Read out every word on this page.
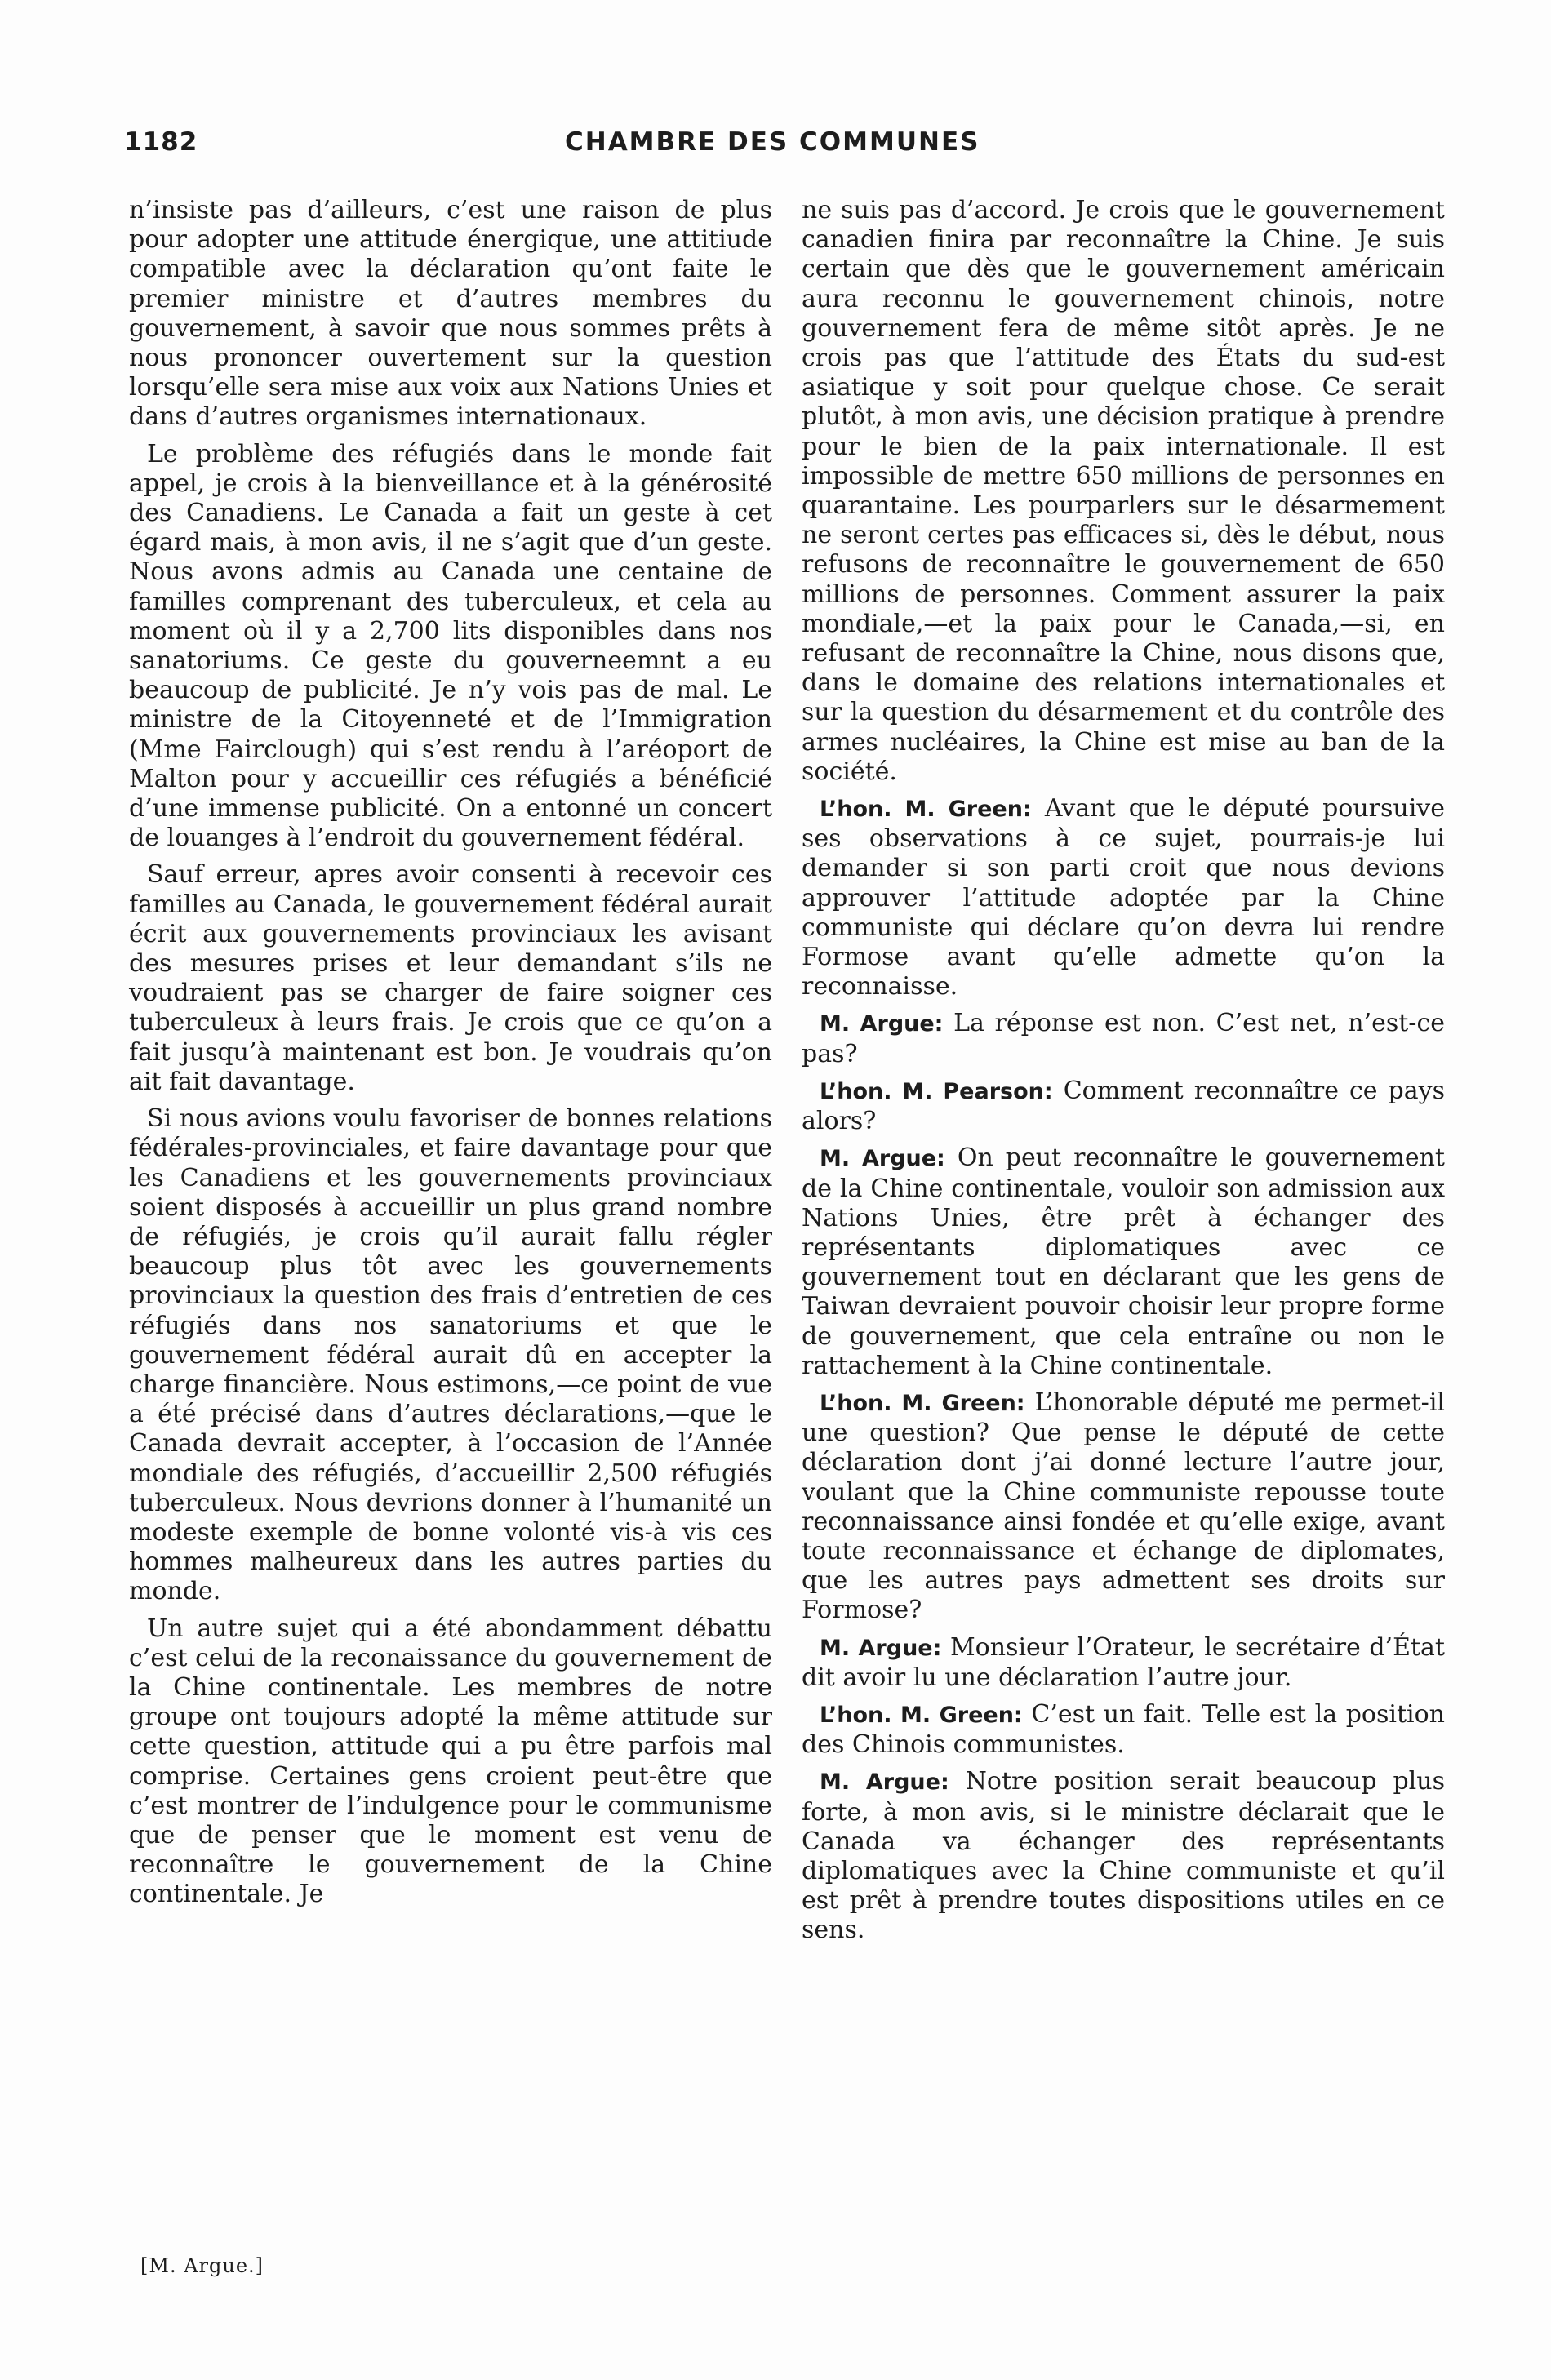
1182	CHAMBRE DES COMMUNES

n’insiste pas d’ailleurs, c’est une raison de plus pour adopter une attitude énergique, une attitiude compatible avec la déclaration qu’ont faite le premier ministre et d’autres membres du gouvernement, à savoir que nous sommes prêts à nous prononcer ouvertement sur la question lorsqu’elle sera mise aux voix aux Nations Unies et dans d’autres organismes internationaux.

Le problème des réfugiés dans le monde fait appel, je crois à la bienveillance et à la générosité des Canadiens. Le Canada a fait un geste à cet égard mais, à mon avis, il ne s’agit que d’un geste. Nous avons admis au Canada une centaine de familles comprenant des tuberculeux, et cela au moment où il y a 2,700 lits disponibles dans nos sanatoriums. Ce geste du gouverneemnt a eu beaucoup de publicité. Je n’y vois pas de mal. Le ministre de la Citoyenneté et de l’Immigration (Mme Fairclough) qui s’est rendu à l’aréoport de Malton pour y accueillir ces réfugiés a bénéficié d’une immense publicité. On a entonné un concert de louanges à l’endroit du gouvernement fédéral.

Sauf erreur, apres avoir consenti à recevoir ces familles au Canada, le gouvernement fédéral aurait écrit aux gouvernements provinciaux les avisant des mesures prises et leur demandant s’ils ne voudraient pas se charger de faire soigner ces tuberculeux à leurs frais. Je crois que ce qu’on a fait jusqu’à maintenant est bon. Je voudrais qu’on ait fait davantage.

Si nous avions voulu favoriser de bonnes relations fédérales-provinciales, et faire davantage pour que les Canadiens et les gouvernements provinciaux soient disposés à accueillir un plus grand nombre de réfugiés, je crois qu’il aurait fallu régler beaucoup plus tôt avec les gouvernements provinciaux la question des frais d’entretien de ces réfugiés dans nos sanatoriums et que le gouvernement fédéral aurait dû en accepter la charge financière. Nous estimons,—ce point de vue a été précisé dans d’autres déclarations,—que le Canada devrait accepter, à l’occasion de l’Année mondiale des réfugiés, d’accueillir 2,500 réfugiés tuberculeux. Nous devrions donner à l’humanité un modeste exemple de bonne volonté vis-à vis ces hommes malheureux dans les autres parties du monde.

Un autre sujet qui a été abondamment débattu c’est celui de la reconaissance du gouvernement de la Chine continentale. Les membres de notre groupe ont toujours adopté la même attitude sur cette question, attitude qui a pu être parfois mal comprise. Certaines gens croient peut-être que c’est montrer de l’indulgence pour le communisme que de penser que le moment est venu de reconnaître le gouvernement de la Chine continentale. Je

ne suis pas d’accord. Je crois que le gouvernement canadien finira par reconnaître la Chine. Je suis certain que dès que le gouvernement américain aura reconnu le gouvernement chinois, notre gouvernement fera de même sitôt après. Je ne crois pas que l’attitude des États du sud-est asiatique y soit pour quelque chose. Ce serait plutôt, à mon avis, une décision pratique à prendre pour le bien de la paix internationale. Il est impossible de mettre 650 millions de personnes en quarantaine. Les pourparlers sur le désarmement ne seront certes pas efficaces si, dès le début, nous refusons de reconnaître le gouvernement de 650 millions de personnes. Comment assurer la paix mondiale,—et la paix pour le Canada,—si, en refusant de reconnaître la Chine, nous disons que, dans le domaine des relations internationales et sur la question du désarmement et du contrôle des armes nucléaires, la Chine est mise au ban de la société.

L’hon. M. Green: Avant que le député poursuive ses observations à ce sujet, pourrais-je lui demander si son parti croit que nous devions approuver l’attitude adoptée par la Chine communiste qui déclare qu’on devra lui rendre Formose avant qu’elle admette qu’on la reconnaisse.

M. Argue: La réponse est non. C’est net, n’est-ce pas?

L’hon. M. Pearson: Comment reconnaître ce pays alors?

M. Argue: On peut reconnaître le gouvernement de la Chine continentale, vouloir son admission aux Nations Unies, être prêt à échanger des représentants diplomatiques avec ce gouvernement tout en déclarant que les gens de Taiwan devraient pouvoir choisir leur propre forme de gouvernement, que cela entraîne ou non le rattachement à la Chine continentale.

L’hon. M. Green: L’honorable député me permet-il une question? Que pense le député de cette déclaration dont j’ai donné lecture l’autre jour, voulant que la Chine communiste repousse toute reconnaissance ainsi fondée et qu’elle exige, avant toute reconnaissance et échange de diplomates, que les autres pays admettent ses droits sur Formose?

M. Argue: Monsieur l’Orateur, le secrétaire d’État dit avoir lu une déclaration l’autre jour.

L’hon. M. Green: C’est un fait. Telle est la position des Chinois communistes.

M. Argue: Notre position serait beaucoup plus forte, à mon avis, si le ministre déclarait que le Canada va échanger des représentants diplomatiques avec la Chine communiste et qu’il est prêt à prendre toutes dispositions utiles en ce sens.

[M. Argue.]
